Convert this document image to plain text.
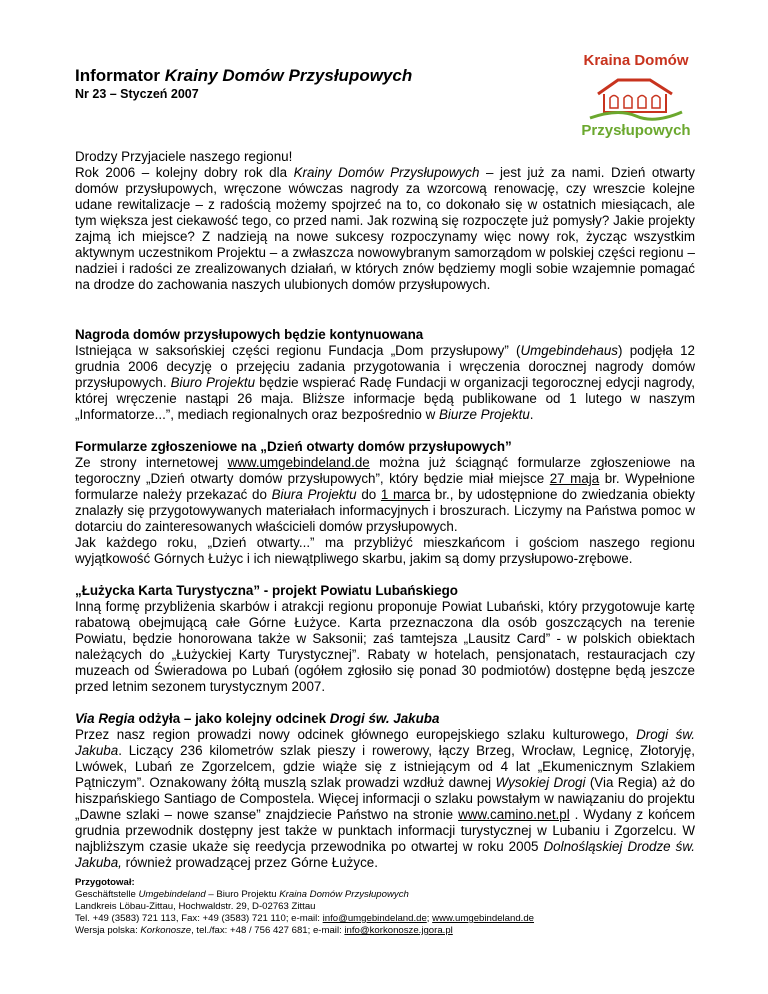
Informator Krainy Domów Przysłupowych
Nr 23 – Styczeń 2007
Kraina Domów
Przysłupowych

Drodzy Przyjaciele naszego regionu!

Rok 2006 – kolejny dobry rok dla Krainy Domów Przysłupowych – jest już za nami. Dzień otwarty domów przysłupowych, wręczone wówczas nagrody za wzorcową renowację, czy wreszcie kolejne udane rewitalizacje – z radością możemy spojrzeć na to, co dokonało się w ostatnich miesiącach, ale tym większa jest ciekawość tego, co przed nami. Jak rozwiną się rozpoczęte już pomysły? Jakie projekty zajmą ich miejsce? Z nadzieją na nowe sukcesy rozpoczynamy więc nowy rok, życząc wszystkim aktywnym uczestnikom Projektu – a zwłaszcza nowowybranym samorządom w polskiej części regionu – nadziei i radości ze zrealizowanych działań, w których znów będziemy mogli sobie wzajemnie pomagać na drodze do zachowania naszych ulubionych domów przysłupowych.

Nagroda domów przysłupowych będzie kontynuowana

Istniejąca w saksońskiej części regionu Fundacja „Dom przysłupowy” (Umgebindehaus) podjęła 12 grudnia 2006 decyzję o przejęciu zadania przygotowania i wręczenia dorocznej nagrody domów przysłupowych. Biuro Projektu będzie wspierać Radę Fundacji w organizacji tegorocznej edycji nagrody, której wręczenie nastąpi 26 maja. Bliższe informacje będą publikowane od 1 lutego w naszym „Informatorze...”, mediach regionalnych oraz bezpośrednio w Biurze Projektu.

Formularze zgłoszeniowe na „Dzień otwarty domów przysłupowych”

Ze strony internetowej www.umgebindeland.de można już ściągnąć formularze zgłoszeniowe na tegoroczny „Dzień otwarty domów przysłupowych”, który będzie miał miejsce 27 maja br. Wypełnione formularze należy przekazać do Biura Projektu do 1 marca br., by udostępnione do zwiedzania obiekty znalazły się przygotowywanych materiałach informacyjnych i broszurach. Liczymy na Państwa pomoc w dotarciu do zainteresowanych właścicieli domów przysłupowych.

Jak każdego roku, „Dzień otwarty...” ma przybliżyć mieszkańcom i gościom naszego regionu wyjątkowość Górnych Łużyc i ich niewątpliwego skarbu, jakim są domy przysłupowo-zrębowe.

„Łużycka Karta Turystyczna” - projekt Powiatu Lubańskiego

Inną formę przybliżenia skarbów i atrakcji regionu proponuje Powiat Lubański, który przygotowuje kartę rabatową obejmującą całe Górne Łużyce. Karta przeznaczona dla osób goszczących na terenie Powiatu, będzie honorowana także w Saksonii; zaś tamtejsza „Lausitz Card” - w polskich obiektach należących do „Łużyckiej Karty Turystycznej”. Rabaty w hotelach, pensjonatach, restauracjach czy muzeach od Świeradowa po Lubań (ogółem zgłosiło się ponad 30 podmiotów) dostępne będą jeszcze przed letnim sezonem turystycznym 2007.

Via Regia odżyła – jako kolejny odcinek Drogi św. Jakuba

Przez nasz region prowadzi nowy odcinek głównego europejskiego szlaku kulturowego, Drogi św. Jakuba. Liczący 236 kilometrów szlak pieszy i rowerowy, łączy Brzeg, Wrocław, Legnicę, Złotoryję, Lwówek, Lubań ze Zgorzelcem, gdzie wiąże się z istniejącym od 4 lat „Ekumenicznym Szlakiem Pątniczym”. Oznakowany żółtą muszlą szlak prowadzi wzdłuż dawnej Wysokiej Drogi (Via Regia) aż do hiszpańskiego Santiago de Compostela. Więcej informacji o szlaku powstałym w nawiązaniu do projektu „Dawne szlaki – nowe szanse” znajdziecie Państwo na stronie www.camino.net.pl . Wydany z końcem grudnia przewodnik dostępny jest także w punktach informacji turystycznej w Lubaniu i Zgorzelcu. W najbliższym czasie ukaże się reedycja przewodnika po otwartej w roku 2005 Dolnośląskiej Drodze św. Jakuba, również prowadzącej przez Górne Łużyce.

Przygotował:

Geschäftstelle Umgebindeland – Biuro Projektu Kraina Domów Przysłupowych

Landkreis Löbau-Zittau, Hochwaldstr. 29, D-02763 Zittau

Tel. +49 (3583) 721 113, Fax: +49 (3583) 721 110; e-mail: info@umgebindeland.de; www.umgebindeland.de

Wersja polska: Korkonosze, tel./fax: +48 / 756 427 681; e-mail: info@korkonosze.jgora.pl
